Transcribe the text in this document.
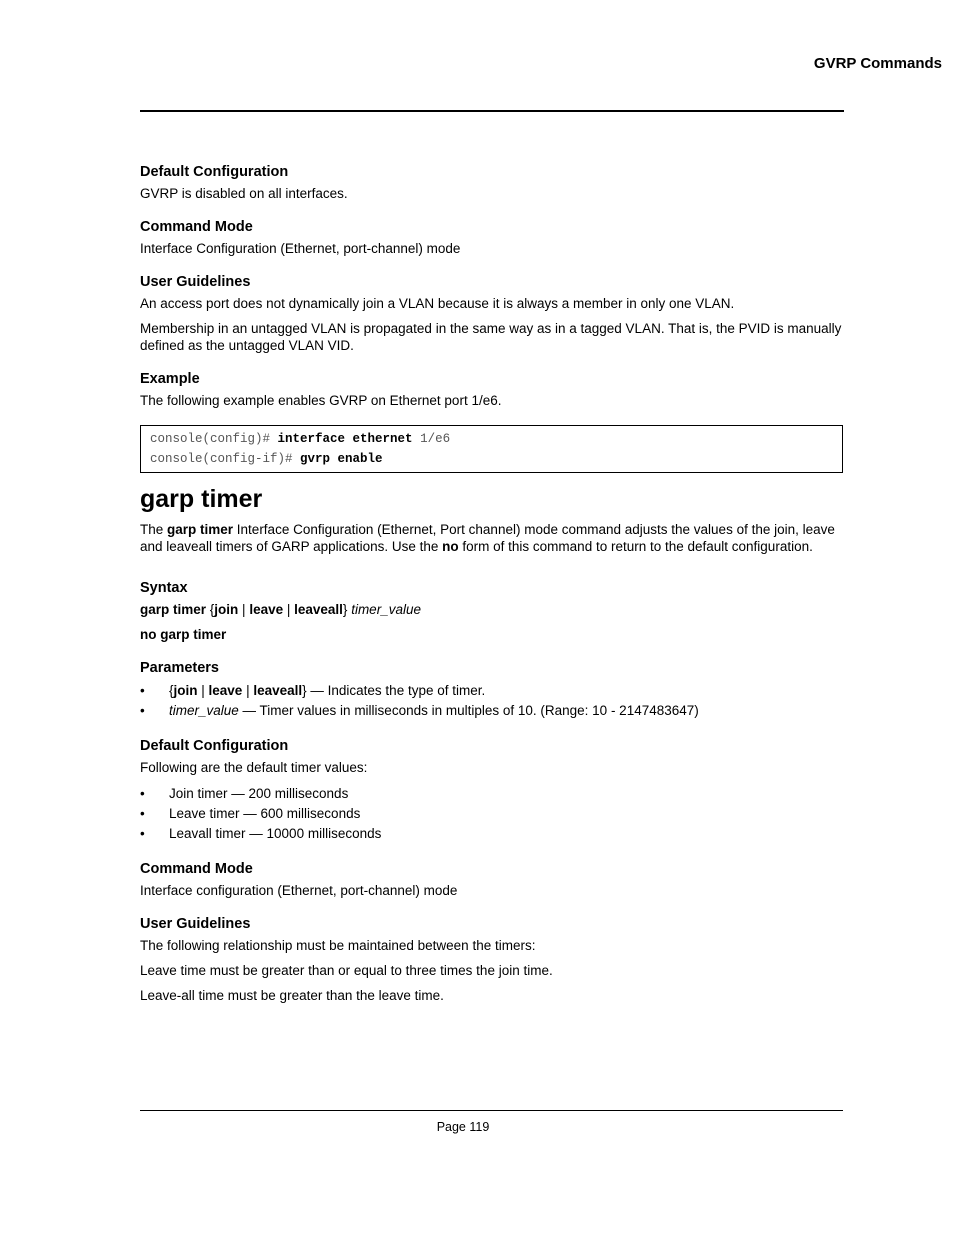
GVRP Commands
Default Configuration

GVRP is disabled on all interfaces.

Command Mode

Interface Configuration (Ethernet, port-channel) mode

User Guidelines

An access port does not dynamically join a VLAN because it is always a member in only one VLAN.

Membership in an untagged VLAN is propagated in the same way as in a tagged VLAN. That is, the PVID is manually defined as the untagged VLAN VID.

Example

The following example enables GVRP on Ethernet port 1/e6.

console(config)# interface ethernet 1/e6
console(config-if)# gvrp enable
garp timer

The garp timer Interface Configuration (Ethernet, Port channel) mode command adjusts the values of the join, leave and leaveall timers of GARP applications. Use the no form of this command to return to the default configuration.

Syntax

garp timer {join | leave | leaveall} timer_value

no garp timer

Parameters
• {join | leave | leaveall} — Indicates the type of timer.
• timer_value — Timer values in milliseconds in multiples of 10. (Range: 10 - 2147483647)
Default Configuration

Following are the default timer values:

• Join timer — 200 milliseconds
• Leave timer — 600 milliseconds
• Leavall timer — 10000 milliseconds
Command Mode

Interface configuration (Ethernet, port-channel) mode

User Guidelines

The following relationship must be maintained between the timers:

Leave time must be greater than or equal to three times the join time.

Leave-all time must be greater than the leave time.

Page 119
